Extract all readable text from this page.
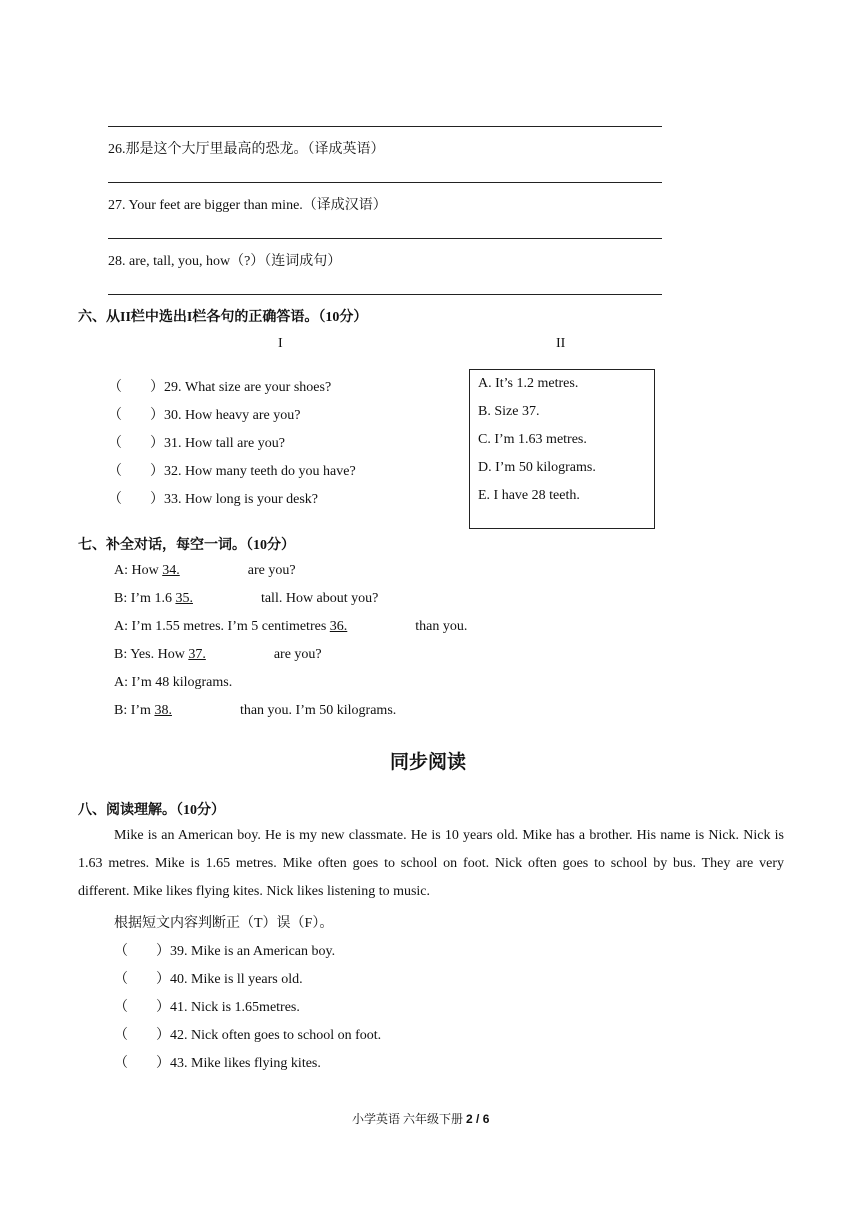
26.那是这个大厅里最高的恐龙。（译成英语）
27. Your feet are bigger than mine.（译成汉语）
28. are, tall, you, how（?）（连词成句）
六、从II栏中选出I栏各句的正确答语。（10分）
I	II
（　　）29. What size are your shoes?
（　　）30. How heavy are you?
（　　）31. How tall are you?
（　　）32. How many teeth do you have?
（　　）33. How long is your desk?
A. It’s 1.2 metres.
B. Size 37.
C. I’m 1.63 metres.
D. I’m 50 kilograms.
E. I have 28 teeth.
七、补全对话，每空一词。（10分）
A: How 34.	are you?
B: I’m 1.6 35.	tall. How about you?
A: I’m 1.55 metres. I’m 5 centimetres 36.	than you.
B: Yes. How 37.	are you?
A: I’m 48 kilograms.
B: I’m 38.	than you. I’m 50 kilograms.
同步阅读
八、阅读理解。（10分）
Mike is an American boy. He is my new classmate. He is 10 years old. Mike has a brother. His name is Nick. Nick is 1.63 metres. Mike is 1.65 metres. Mike often goes to school on foot. Nick often goes to school by bus. They are very different. Mike likes flying kites. Nick likes listening to music.
根据短文内容判断正（T）误（F）。
（　　）39. Mike is an American boy.
（　　）40. Mike is ll years old.
（　　）41. Nick is 1.65metres.
（　　）42. Nick often goes to school on foot.
（　　）43. Mike likes flying kites.
小学英语 六年级下册 2 / 6
